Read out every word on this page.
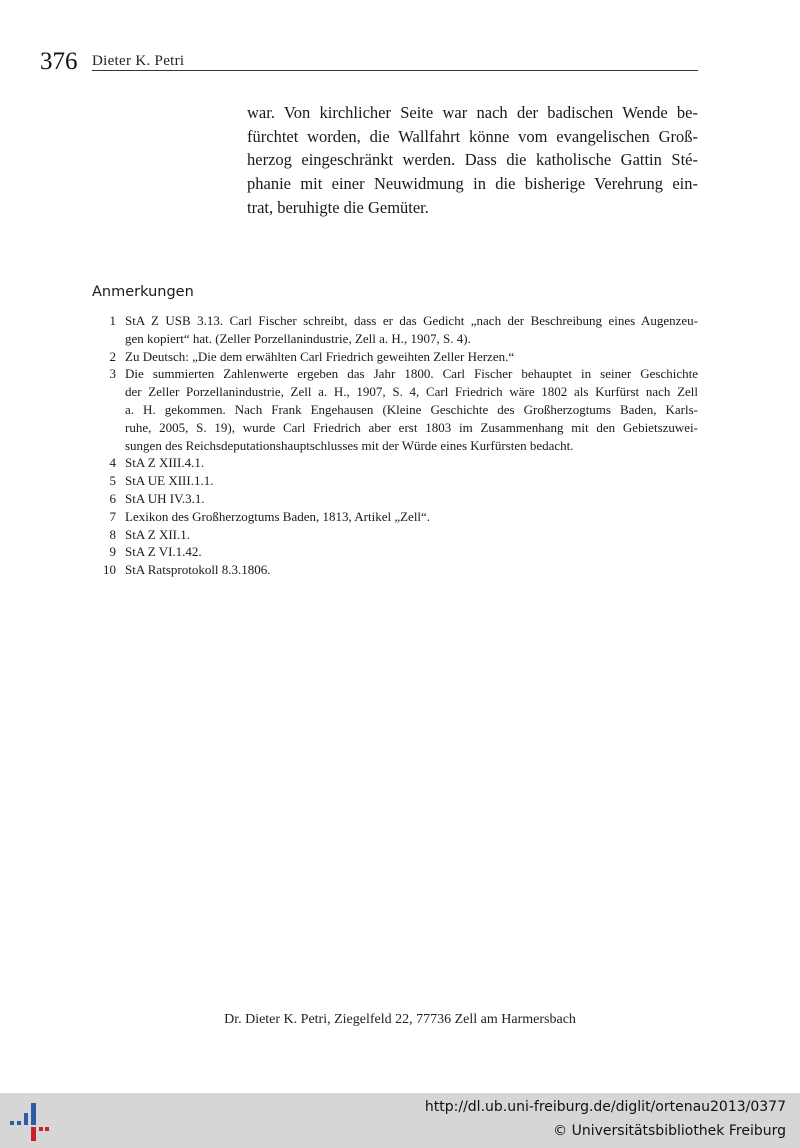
376 Dieter K. Petri
war. Von kirchlicher Seite war nach der badischen Wende be-
fürchtet worden, die Wallfahrt könne vom evangelischen Groß-
herzog eingeschränkt werden. Dass die katholische Gattin Sté-
phanie mit einer Neuwidmung in die bisherige Verehrung ein-
trat, beruhigte die Gemüter.
Anmerkungen
1 StA Z USB 3.13. Carl Fischer schreibt, dass er das Gedicht „nach der Beschreibung eines Augenzeu-
gen kopiert“ hat. (Zeller Porzellanindustrie, Zell a. H., 1907, S. 4).
2 Zu Deutsch: „Die dem erwählten Carl Friedrich geweihten Zeller Herzen.“
3 Die summierten Zahlenwerte ergeben das Jahr 1800. Carl Fischer behauptet in seiner Geschichte
der Zeller Porzellanindustrie, Zell a. H., 1907, S. 4, Carl Friedrich wäre 1802 als Kurfürst nach Zell
a. H. gekommen. Nach Frank Engehausen (Kleine Geschichte des Großherzogtums Baden, Karls-
ruhe, 2005, S. 19), wurde Carl Friedrich aber erst 1803 im Zusammenhang mit den Gebietszuwei-
sungen des Reichsdeputationshauptschlusses mit der Würde eines Kurfürsten bedacht.
4 StA Z XIII.4.1.
5 StA UE XIII.1.1.
6 StA UH IV.3.1.
7 Lexikon des Großherzogtums Baden, 1813, Artikel „Zell“.
8 StA Z XII.1.
9 StA Z VI.1.42.
10 StA Ratsprotokoll 8.3.1806.
Dr. Dieter K. Petri, Ziegelfeld 22, 77736 Zell am Harmersbach
http://dl.ub.uni-freiburg.de/diglit/ortenau2013/0377
© Universitätsbibliothek Freiburg
